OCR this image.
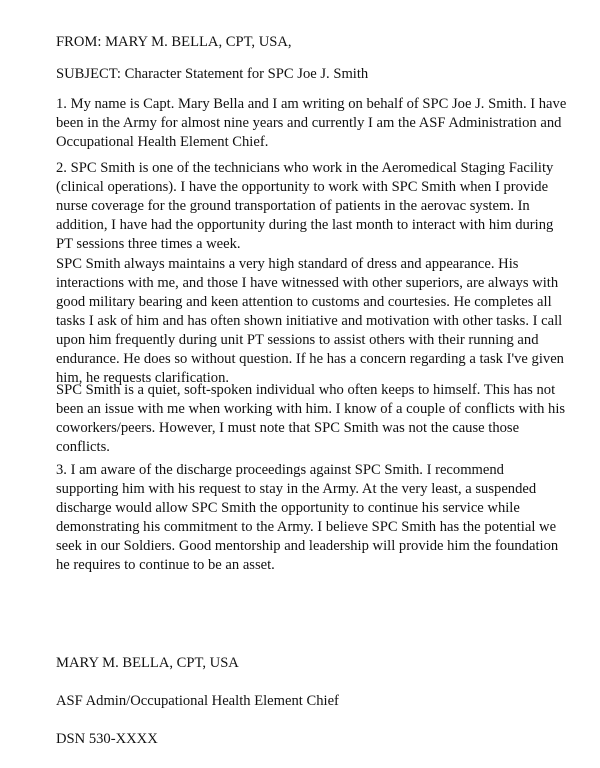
FROM: MARY M. BELLA, CPT, USA,

SUBJECT: Character Statement for SPC Joe J. Smith

1. My name is Capt. Mary Bella and I am writing on behalf of SPC Joe J. Smith. I have
been in the Army for almost nine years and currently I am the ASF Administration and
Occupational Health Element Chief.

2. SPC Smith is one of the technicians who work in the Aeromedical Staging Facility
(clinical operations). I have the opportunity to work with SPC Smith when I provide
nurse coverage for the ground transportation of patients in the aerovac system. In
addition, I have had the opportunity during the last month to interact with him during
PT sessions three times a week.

SPC Smith always maintains a very high standard of dress and appearance. His
interactions with me, and those I have witnessed with other superiors, are always with
good military bearing and keen attention to customs and courtesies. He completes all
tasks I ask of him and has often shown initiative and motivation with other tasks. I call
upon him frequently during unit PT sessions to assist others with their running and
endurance. He does so without question. If he has a concern regarding a task I've given
him, he requests clarification.

SPC Smith is a quiet, soft-spoken individual who often keeps to himself. This has not
been an issue with me when working with him. I know of a couple of conflicts with his
coworkers/peers. However, I must note that SPC Smith was not the cause those
conflicts.

3. I am aware of the discharge proceedings against SPC Smith. I recommend
supporting him with his request to stay in the Army. At the very least, a suspended
discharge would allow SPC Smith the opportunity to continue his service while
demonstrating his commitment to the Army. I believe SPC Smith has the potential we
seek in our Soldiers. Good mentorship and leadership will provide him the foundation
he requires to continue to be an asset.

MARY M. BELLA, CPT, USA

ASF Admin/Occupational Health Element Chief

DSN 530-XXXX
